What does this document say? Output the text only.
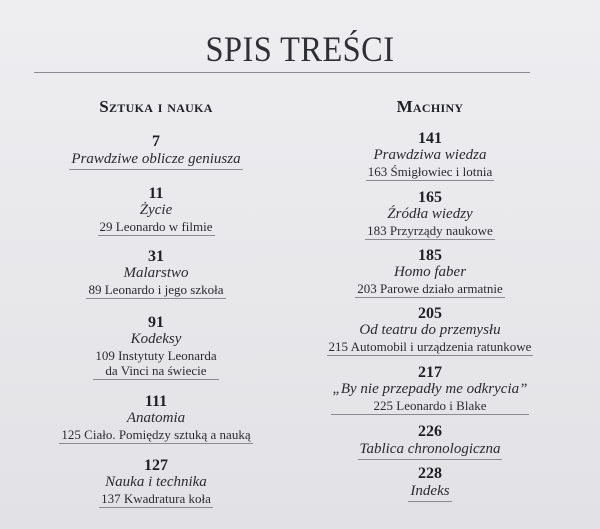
SPIS TREŚCI
Sztuka i nauka
7
Prawdziwe oblicze geniusza
11
Życie
29 Leonardo w filmie
31
Malarstwo
89 Leonardo i jego szkoła
91
Kodeksy
109 Instytuty Leonarda
da Vinci na świecie
111
Anatomia
125 Ciało. Pomiędzy sztuką a nauką
127
Nauka i technika
137 Kwadratura koła
Machiny
141
Prawdziwa wiedza
163 Śmigłowiec i lotnia
165
Źródła wiedzy
183 Przyrządy naukowe
185
Homo faber
203 Parowe działo armatnie
205
Od teatru do przemysłu
215 Automobil i urządzenia ratunkowe
217
„By nie przepadły me odkrycia”
225 Leonardo i Blake
226
Tablica chronologiczna
228
Indeks
